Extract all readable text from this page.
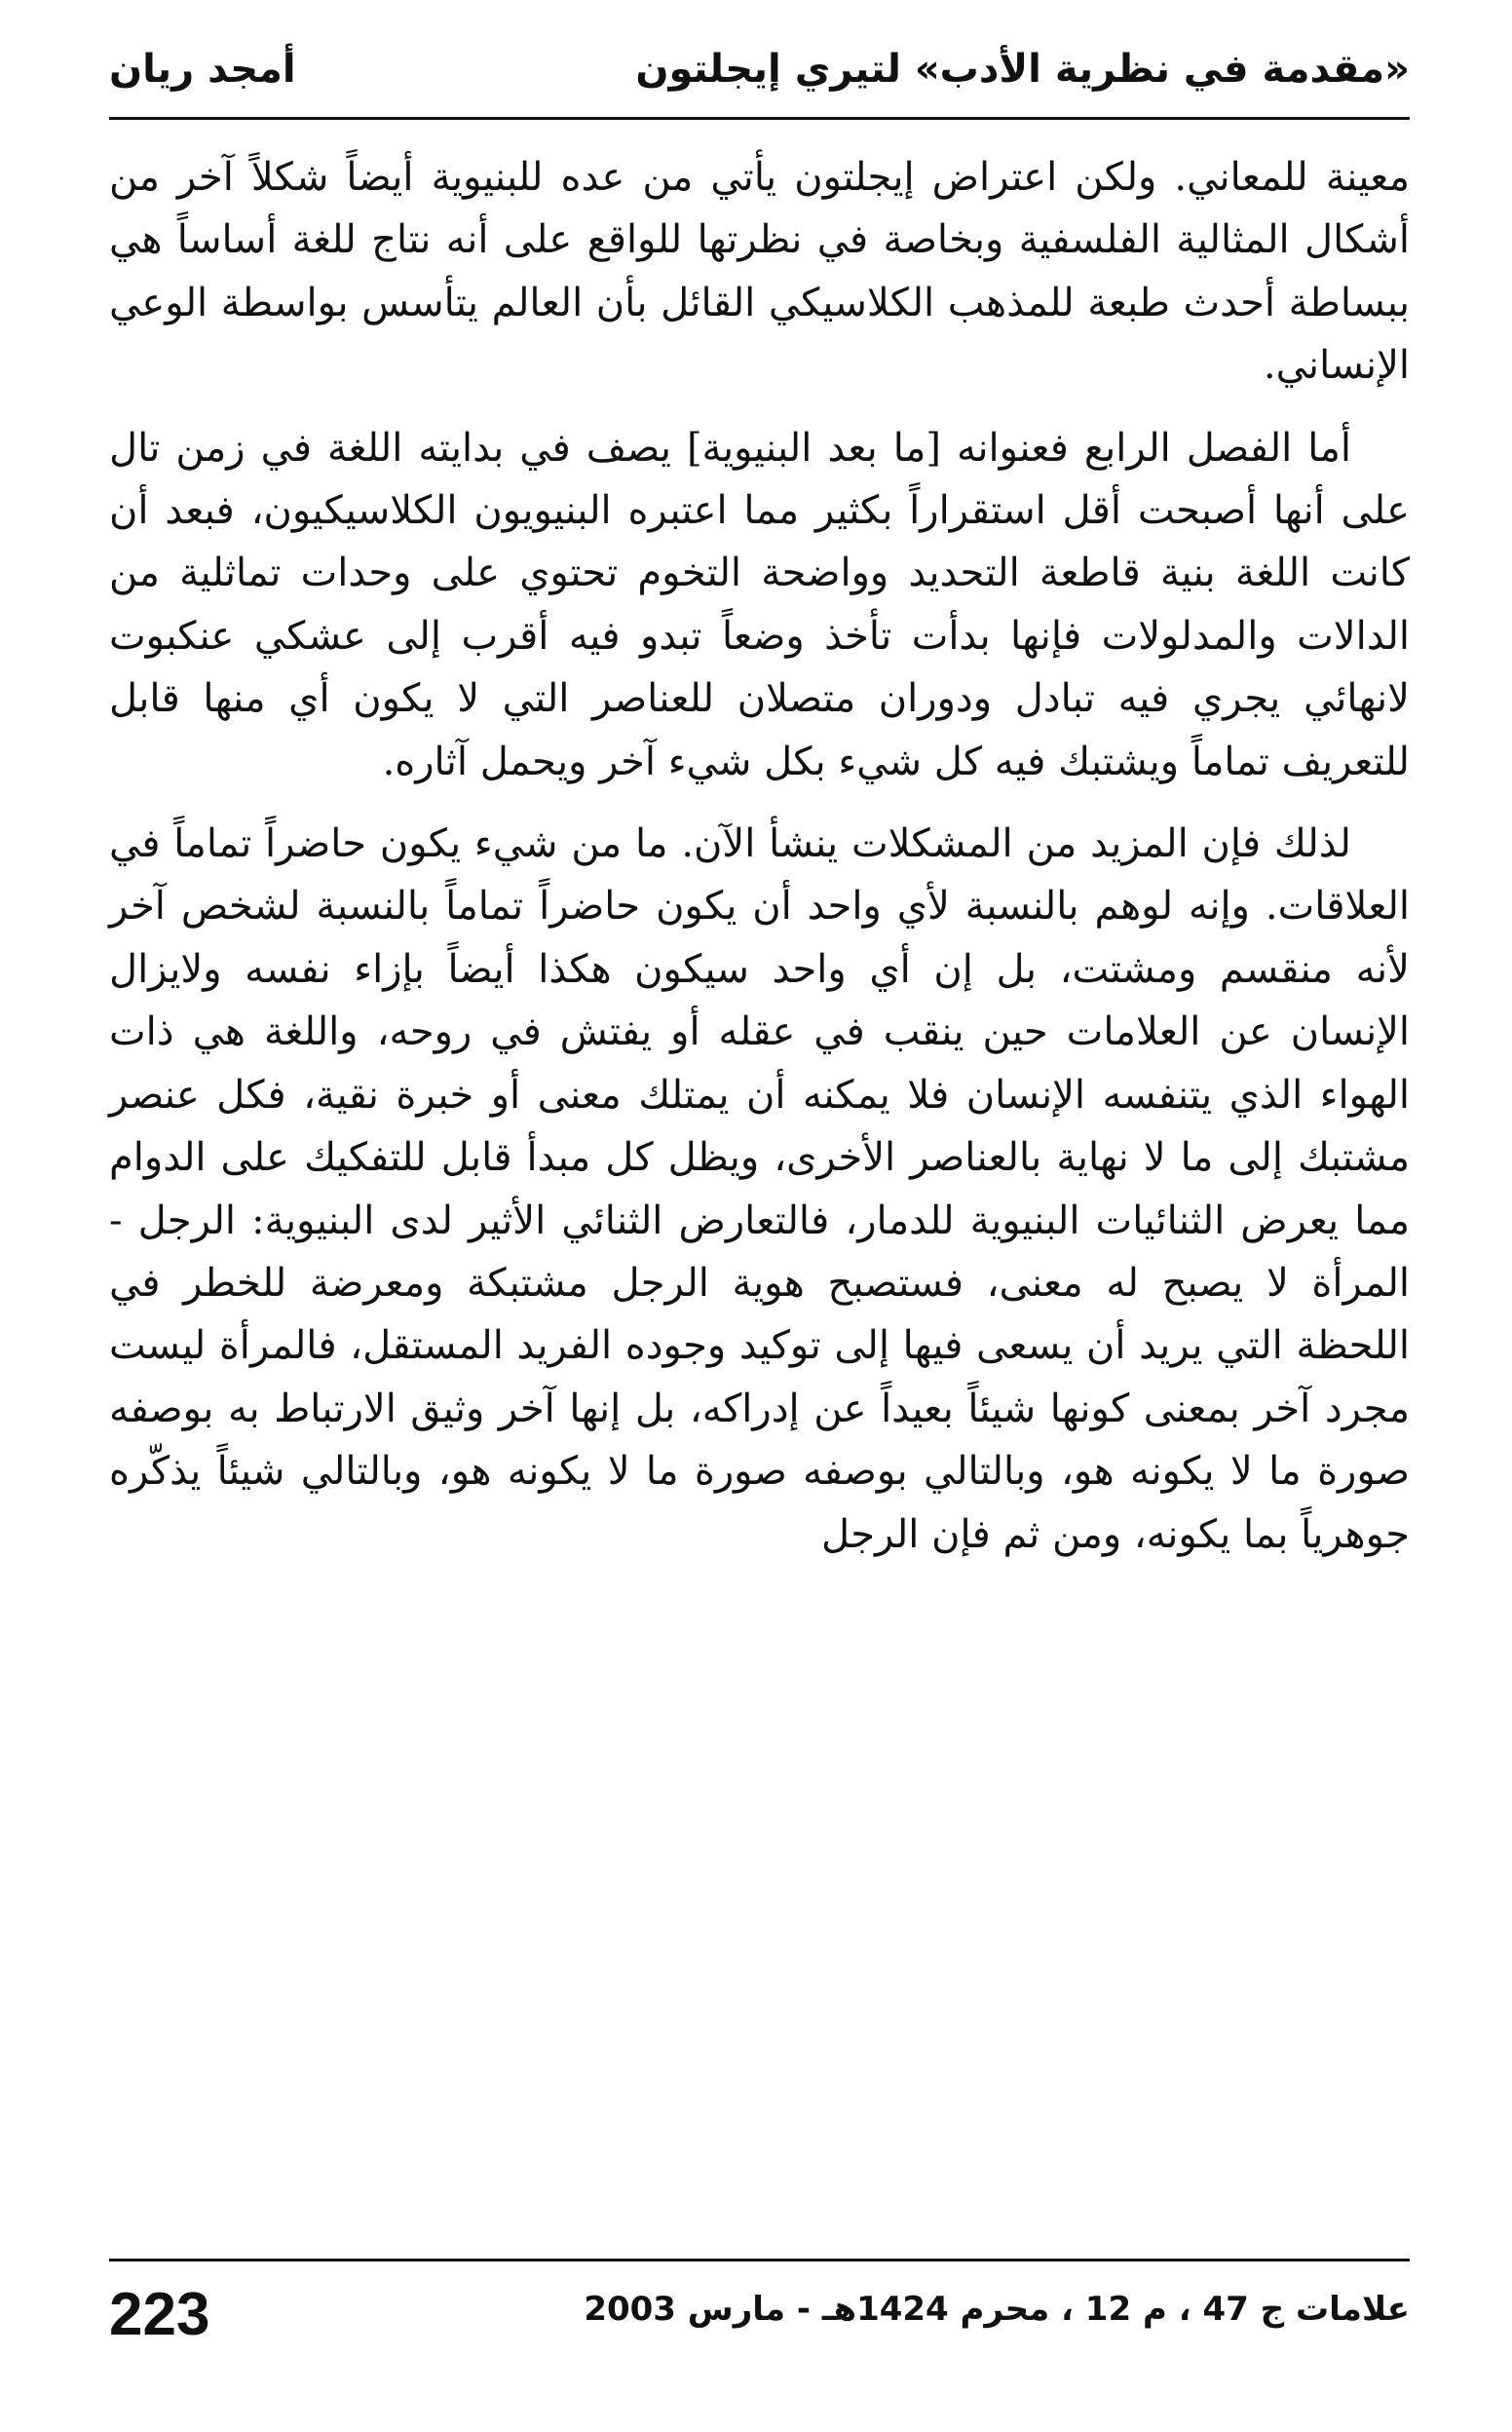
«مقدمة في نظرية الأدب» لتيري إيجلتون
أمجد ريان

معينة للمعاني. ولكن اعتراض إيجلتون يأتي من عده للبنيوية أيضاً شكلاً آخر من أشكال المثالية الفلسفية وبخاصة في نظرتها للواقع على أنه نتاج للغة أساساً هي ببساطة أحدث طبعة للمذهب الكلاسيكي القائل بأن العالم يتأسس بواسطة الوعي الإنساني.

أما الفصل الرابع فعنوانه [ما بعد البنيوية] يصف في بدايته اللغة في زمن تال على أنها أصبحت أقل استقراراً بكثير مما اعتبره البنيويون الكلاسيكيون، فبعد أن كانت اللغة بنية قاطعة التحديد وواضحة التخوم تحتوي على وحدات تماثلية من الدالات والمدلولات فإنها بدأت تأخذ وضعاً تبدو فيه أقرب إلى عشكي عنكبوت لانهائي يجري فيه تبادل ودوران متصلان للعناصر التي لا يكون أي منها قابل للتعريف تماماً ويشتبك فيه كل شيء بكل شيء آخر ويحمل آثاره.

لذلك فإن المزيد من المشكلات ينشأ الآن. ما من شيء يكون حاضراً تماماً في العلاقات. وإنه لوهم بالنسبة لأي واحد أن يكون حاضراً تماماً بالنسبة لشخص آخر لأنه منقسم ومشتت، بل إن أي واحد سيكون هكذا أيضاً بإزاء نفسه ولايزال الإنسان عن العلامات حين ينقب في عقله أو يفتش في روحه، واللغة هي ذات الهواء الذي يتنفسه الإنسان فلا يمكنه أن يمتلك معنى أو خبرة نقية، فكل عنصر مشتبك إلى ما لا نهاية بالعناصر الأخرى، ويظل كل مبدأ قابل للتفكيك على الدوام مما يعرض الثنائيات البنيوية للدمار، فالتعارض الثنائي الأثير لدى البنيوية: الرجل - المرأة لا يصبح له معنى، فستصبح هوية الرجل مشتبكة ومعرضة للخطر في اللحظة التي يريد أن يسعى فيها إلى توكيد وجوده الفريد المستقل، فالمرأة ليست مجرد آخر بمعنى كونها شيئاً بعيداً عن إدراكه، بل إنها آخر وثيق الارتباط به بوصفه صورة ما لا يكونه هو، وبالتالي بوصفه صورة ما لا يكونه هو، وبالتالي شيئاً يذكّره جوهرياً بما يكونه، ومن ثم فإن الرجل

علامات ج 47 ، م 12 ، محرم 1424هـ - مارس 2003
223
